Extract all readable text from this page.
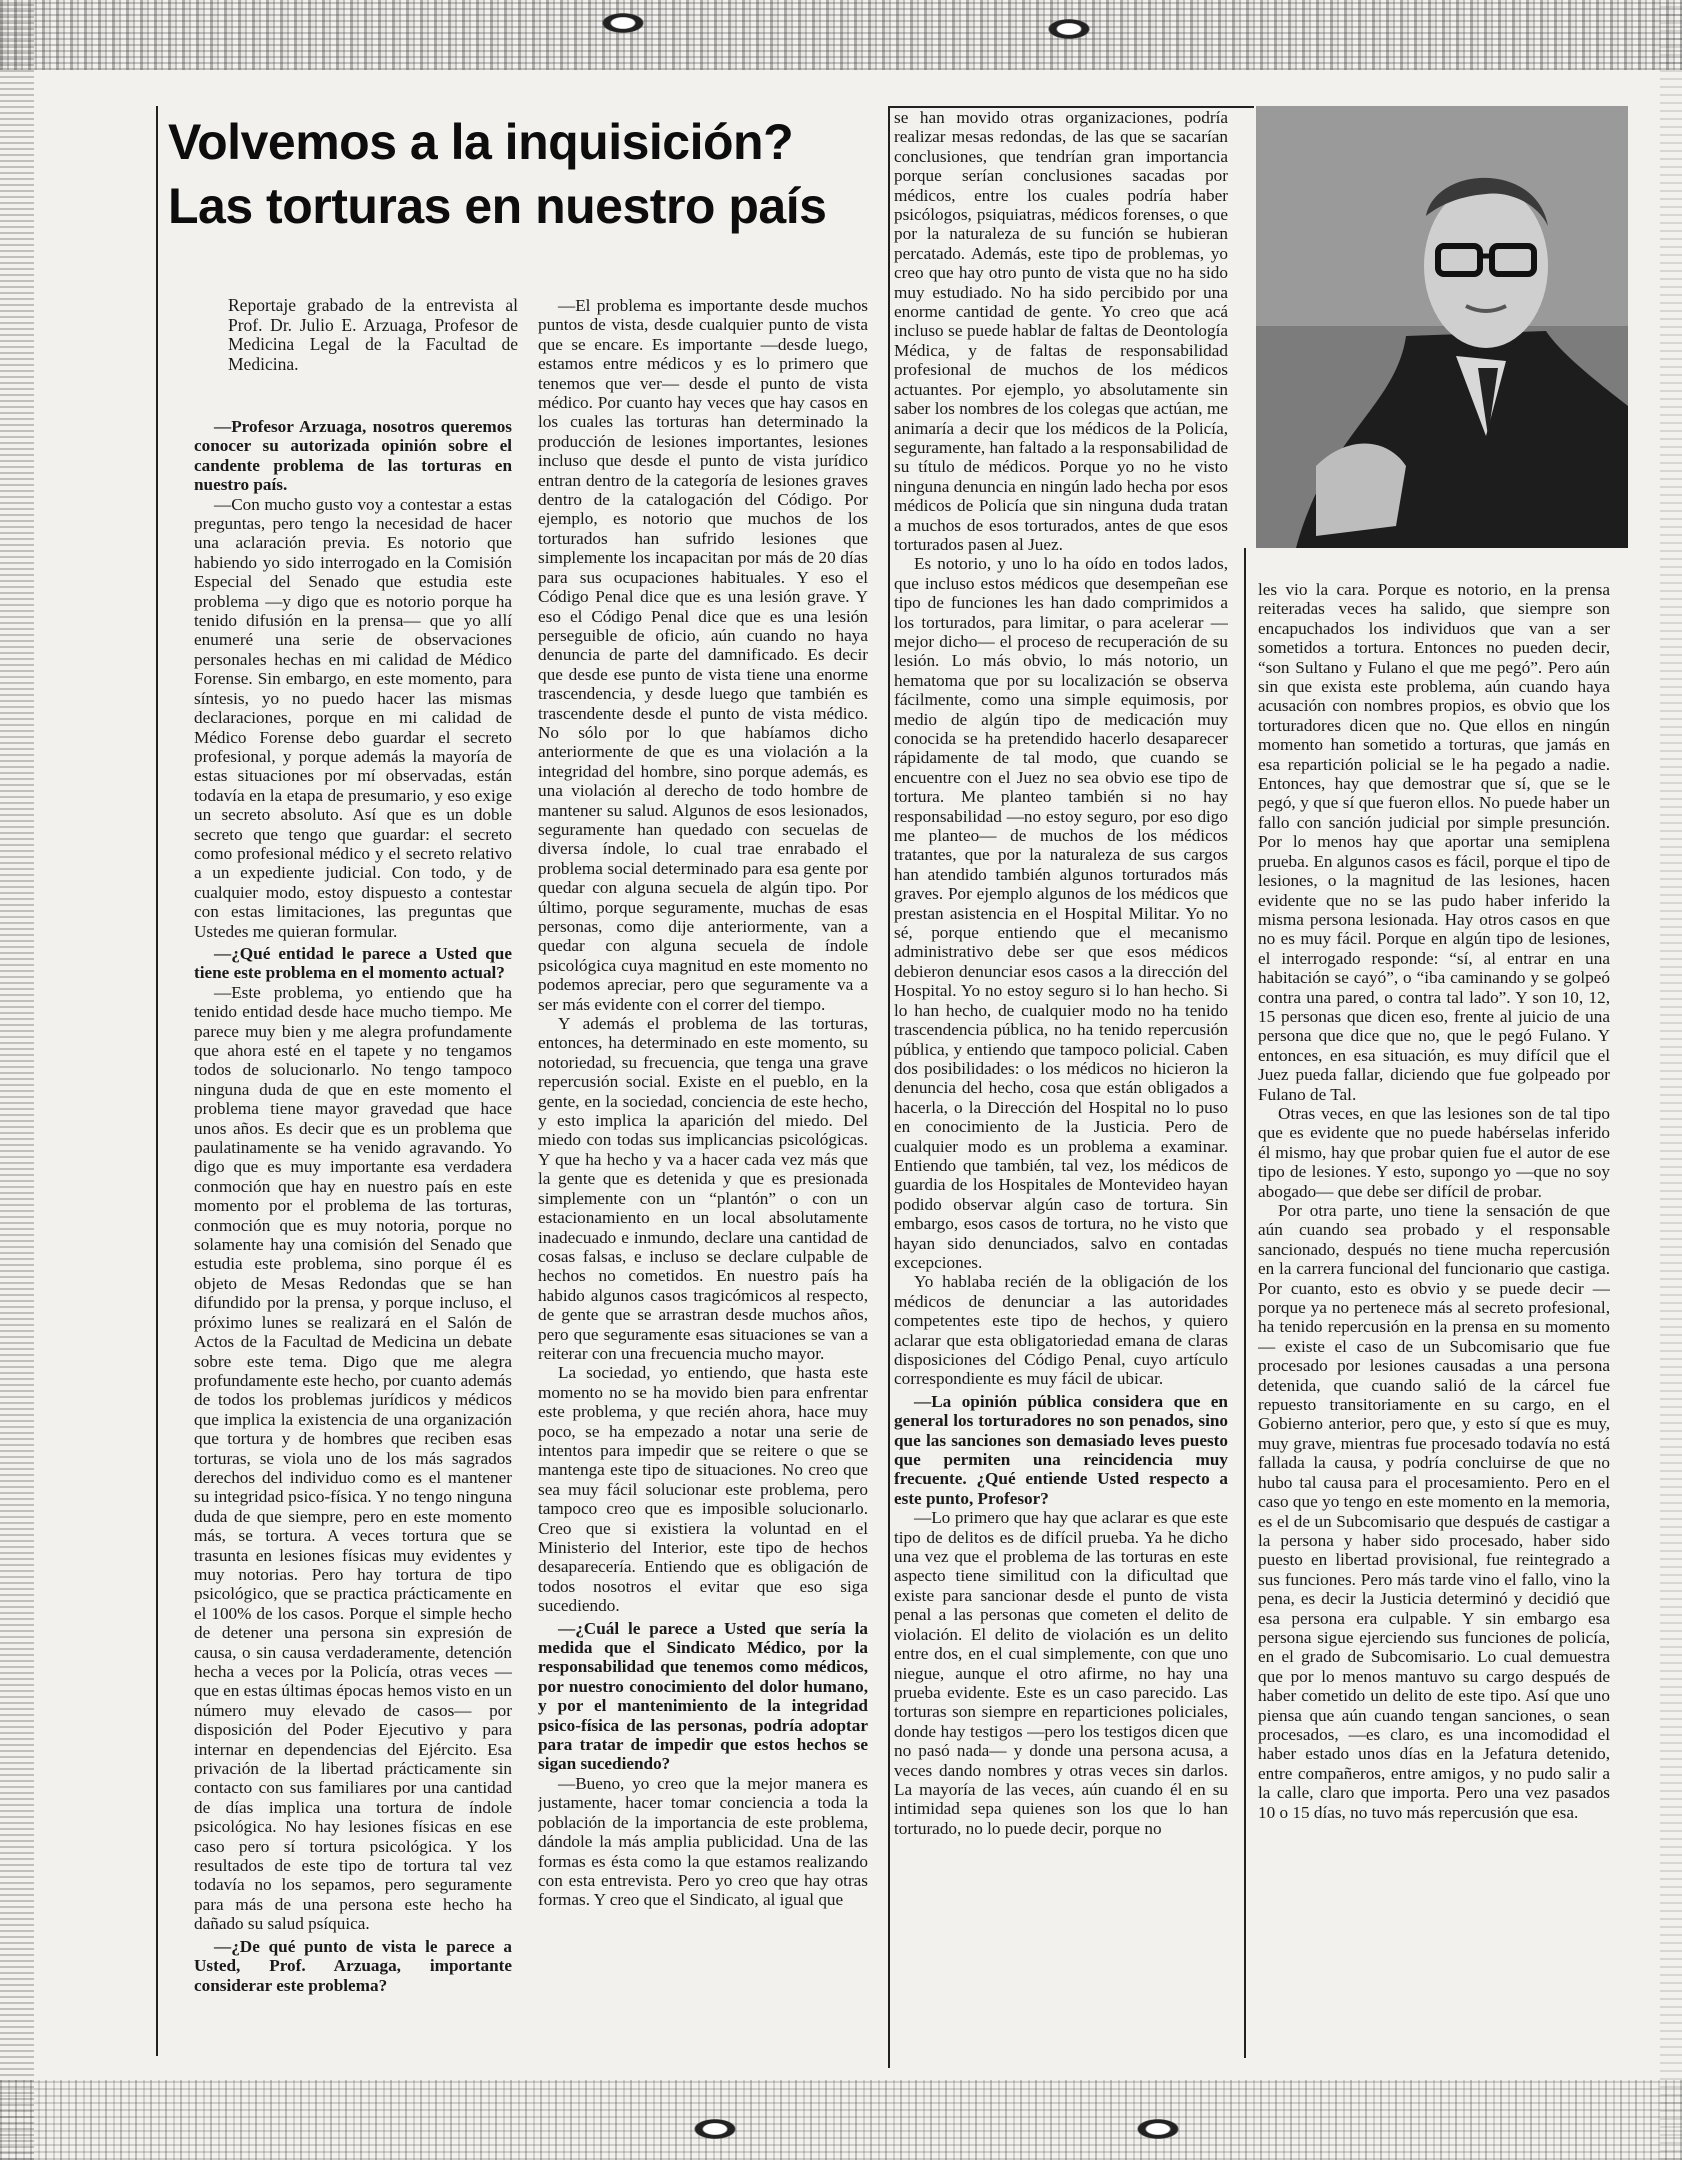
Volvemos a la inquisición?
Las torturas en nuestro país
Reportaje grabado de la entrevista al Prof. Dr. Julio E. Arzuaga, Profesor de Medicina Legal de la Facultad de Medicina.

—Profesor Arzuaga, nosotros queremos conocer su autorizada opinión sobre el candente problema de las torturas en nuestro país.

—Con mucho gusto voy a contestar a estas preguntas, pero tengo la necesidad de hacer una aclaración previa. Es notorio que habiendo yo sido interrogado en la Comisión Especial del Senado que estudia este problema —y digo que es notorio porque ha tenido difusión en la prensa— que yo allí enumeré una serie de observaciones personales hechas en mi calidad de Médico Forense. Sin embargo, en este momento, para síntesis, yo no puedo hacer las mismas declaraciones, porque en mi calidad de Médico Forense debo guardar el secreto profesional, y porque además la mayoría de estas situaciones por mí observadas, están todavía en la etapa de presumario, y eso exige un secreto absoluto. Así que es un doble secreto que tengo que guardar: el secreto como profesional médico y el secreto relativo a un expediente judicial. Con todo, y de cualquier modo, estoy dispuesto a contestar con estas limitaciones, las preguntas que Ustedes me quieran formular.

—¿Qué entidad le parece a Usted que tiene este problema en el momento actual?

—Este problema, yo entiendo que ha tenido entidad desde hace mucho tiempo. Me parece muy bien y me alegra profundamente que ahora esté en el tapete y no tengamos todos de solucionarlo. No tengo tampoco ninguna duda de que en este momento el problema tiene mayor gravedad que hace unos años. Es decir que es un problema que paulatinamente se ha venido agravando. Yo digo que es muy importante esa verdadera conmoción que hay en nuestro país en este momento por el problema de las torturas, conmoción que es muy notoria, porque no solamente hay una comisión del Senado que estudia este problema, sino porque él es objeto de Mesas Redondas que se han difundido por la prensa, y porque incluso, el próximo lunes se realizará en el Salón de Actos de la Facultad de Medicina un debate sobre este tema. Digo que me alegra profundamente este hecho, por cuanto además de todos los problemas jurídicos y médicos que implica la existencia de una organización que tortura y de hombres que reciben esas torturas, se viola uno de los más sagrados derechos del individuo como es el mantener su integridad psico-física. Y no tengo ninguna duda de que siempre, pero en este momento más, se tortura. A veces tortura que se trasunta en lesiones físicas muy evidentes y muy notorias. Pero hay tortura de tipo psicológico, que se practica prácticamente en el 100% de los casos. Porque el simple hecho de detener una persona sin expresión de causa, o sin causa verdaderamente, detención hecha a veces por la Policía, otras veces —que en estas últimas épocas hemos visto en un número muy elevado de casos— por disposición del Poder Ejecutivo y para internar en dependencias del Ejército. Esa privación de la libertad prácticamente sin contacto con sus familiares por una cantidad de días implica una tortura de índole psicológica. No hay lesiones físicas en ese caso pero sí tortura psicológica. Y los resultados de este tipo de tortura tal vez todavía no los sepamos, pero seguramente para más de una persona este hecho ha dañado su salud psíquica.

—¿De qué punto de vista le parece a Usted, Prof. Arzuaga, importante considerar este problema?

—El problema es importante desde muchos puntos de vista, desde cualquier punto de vista que se encare. Es importante —desde luego, estamos entre médicos y es lo primero que tenemos que ver— desde el punto de vista médico. Por cuanto hay veces que hay casos en los cuales las torturas han determinado la producción de lesiones importantes, lesiones incluso que desde el punto de vista jurídico entran dentro de la categoría de lesiones graves dentro de la catalogación del Código. Por ejemplo, es notorio que muchos de los torturados han sufrido lesiones que simplemente los incapacitan por más de 20 días para sus ocupaciones habituales. Y eso el Código Penal dice que es una lesión grave. Y eso el Código Penal dice que es una lesión perseguible de oficio, aún cuando no haya denuncia de parte del damnificado. Es decir que desde ese punto de vista tiene una enorme trascendencia, y desde luego que también es trascendente desde el punto de vista médico. No sólo por lo que habíamos dicho anteriormente de que es una violación a la integridad del hombre, sino porque además, es una violación al derecho de todo hombre de mantener su salud. Algunos de esos lesionados, seguramente han quedado con secuelas de diversa índole, lo cual trae enrabado el problema social determinado para esa gente por quedar con alguna secuela de algún tipo. Por último, porque seguramente, muchas de esas personas, como dije anteriormente, van a quedar con alguna secuela de índole psicológica cuya magnitud en este momento no podemos apreciar, pero que seguramente va a ser más evidente con el correr del tiempo.

Y además el problema de las torturas, entonces, ha determinado en este momento, su notoriedad, su frecuencia, que tenga una grave repercusión social. Existe en el pueblo, en la gente, en la sociedad, conciencia de este hecho, y esto implica la aparición del miedo. Del miedo con todas sus implicancias psicológicas. Y que ha hecho y va a hacer cada vez más que la gente que es detenida y que es presionada simplemente con un “plantón” o con un estacionamiento en un local absolutamente inadecuado e inmundo, declare una cantidad de cosas falsas, e incluso se declare culpable de hechos no cometidos. En nuestro país ha habido algunos casos tragicómicos al respecto, de gente que se arrastran desde muchos años, pero que seguramente esas situaciones se van a reiterar con una frecuencia mucho mayor.

La sociedad, yo entiendo, que hasta este momento no se ha movido bien para enfrentar este problema, y que recién ahora, hace muy poco, se ha empezado a notar una serie de intentos para impedir que se reitere o que se mantenga este tipo de situaciones. No creo que sea muy fácil solucionar este problema, pero tampoco creo que es imposible solucionarlo. Creo que si existiera la voluntad en el Ministerio del Interior, este tipo de hechos desaparecería. Entiendo que es obligación de todos nosotros el evitar que eso siga sucediendo.

—¿Cuál le parece a Usted que sería la medida que el Sindicato Médico, por la responsabilidad que tenemos como médicos, por nuestro conocimiento del dolor humano, y por el mantenimiento de la integridad psico-física de las personas, podría adoptar para tratar de impedir que estos hechos se sigan sucediendo?

—Bueno, yo creo que la mejor manera es justamente, hacer tomar conciencia a toda la población de la importancia de este problema, dándole la más amplia publicidad. Una de las formas es ésta como la que estamos realizando con esta entrevista. Pero yo creo que hay otras formas. Y creo que el Sindicato, al igual que

se han movido otras organizaciones, podría realizar mesas redondas, de las que se sacarían conclusiones, que tendrían gran importancia porque serían conclusiones sacadas por médicos, entre los cuales podría haber psicólogos, psiquiatras, médicos forenses, o que por la naturaleza de su función se hubieran percatado. Además, este tipo de problemas, yo creo que hay otro punto de vista que no ha sido muy estudiado. No ha sido percibido por una enorme cantidad de gente. Yo creo que acá incluso se puede hablar de faltas de Deontología Médica, y de faltas de responsabilidad profesional de muchos de los médicos actuantes. Por ejemplo, yo absolutamente sin saber los nombres de los colegas que actúan, me animaría a decir que los médicos de la Policía, seguramente, han faltado a la responsabilidad de su título de médicos. Porque yo no he visto ninguna denuncia en ningún lado hecha por esos médicos de Policía que sin ninguna duda tratan a muchos de esos torturados, antes de que esos torturados pasen al Juez.

Es notorio, y uno lo ha oído en todos lados, que incluso estos médicos que desempeñan ese tipo de funciones les han dado comprimidos a los torturados, para limitar, o para acelerar —mejor dicho— el proceso de recuperación de su lesión. Lo más obvio, lo más notorio, un hematoma que por su localización se observa fácilmente, como una simple equimosis, por medio de algún tipo de medicación muy conocida se ha pretendido hacerlo desaparecer rápidamente de tal modo, que cuando se encuentre con el Juez no sea obvio ese tipo de tortura. Me planteo también si no hay responsabilidad —no estoy seguro, por eso digo me planteo— de muchos de los médicos tratantes, que por la naturaleza de sus cargos han atendido también algunos torturados más graves. Por ejemplo algunos de los médicos que prestan asistencia en el Hospital Militar. Yo no sé, porque entiendo que el mecanismo administrativo debe ser que esos médicos debieron denunciar esos casos a la dirección del Hospital. Yo no estoy seguro si lo han hecho. Si lo han hecho, de cualquier modo no ha tenido trascendencia pública, no ha tenido repercusión pública, y entiendo que tampoco policial. Caben dos posibilidades: o los médicos no hicieron la denuncia del hecho, cosa que están obligados a hacerla, o la Dirección del Hospital no lo puso en conocimiento de la Justicia. Pero de cualquier modo es un problema a examinar. Entiendo que también, tal vez, los médicos de guardia de los Hospitales de Montevideo hayan podido observar algún caso de tortura. Sin embargo, esos casos de tortura, no he visto que hayan sido denunciados, salvo en contadas excepciones.

Yo hablaba recién de la obligación de los médicos de denunciar a las autoridades competentes este tipo de hechos, y quiero aclarar que esta obligatoriedad emana de claras disposiciones del Código Penal, cuyo artículo correspondiente es muy fácil de ubicar.

—La opinión pública considera que en general los torturadores no son penados, sino que las sanciones son demasiado leves puesto que permiten una reincidencia muy frecuente. ¿Qué entiende Usted respecto a este punto, Profesor?

—Lo primero que hay que aclarar es que este tipo de delitos es de difícil prueba. Ya he dicho una vez que el problema de las torturas en este aspecto tiene similitud con la dificultad que existe para sancionar desde el punto de vista penal a las personas que cometen el delito de violación. El delito de violación es un delito entre dos, en el cual simplemente, con que uno niegue, aunque el otro afirme, no hay una prueba evidente. Este es un caso parecido. Las torturas son siempre en reparticiones policiales, donde hay testigos —pero los testigos dicen que no pasó nada— y donde una persona acusa, a veces dando nombres y otras veces sin darlos. La mayoría de las veces, aún cuando él en su intimidad sepa quienes son los que lo han torturado, no lo puede decir, porque no

les vio la cara. Porque es notorio, en la prensa reiteradas veces ha salido, que siempre son encapuchados los individuos que van a ser sometidos a tortura. Entonces no pueden decir, “son Sultano y Fulano el que me pegó”. Pero aún sin que exista este problema, aún cuando haya acusación con nombres propios, es obvio que los torturadores dicen que no. Que ellos en ningún momento han sometido a torturas, que jamás en esa repartición policial se le ha pegado a nadie. Entonces, hay que demostrar que sí, que se le pegó, y que sí que fueron ellos. No puede haber un fallo con sanción judicial por simple presunción. Por lo menos hay que aportar una semiplena prueba. En algunos casos es fácil, porque el tipo de lesiones, o la magnitud de las lesiones, hacen evidente que no se las pudo haber inferido la misma persona lesionada. Hay otros casos en que no es muy fácil. Porque en algún tipo de lesiones, el interrogado responde: “sí, al entrar en una habitación se cayó”, o “iba caminando y se golpeó contra una pared, o contra tal lado”. Y son 10, 12, 15 personas que dicen eso, frente al juicio de una persona que dice que no, que le pegó Fulano. Y entonces, en esa situación, es muy difícil que el Juez pueda fallar, diciendo que fue golpeado por Fulano de Tal.

Otras veces, en que las lesiones son de tal tipo que es evidente que no puede habérselas inferido él mismo, hay que probar quien fue el autor de ese tipo de lesiones. Y esto, supongo yo —que no soy abogado— que debe ser difícil de probar.

Por otra parte, uno tiene la sensación de que aún cuando sea probado y el responsable sancionado, después no tiene mucha repercusión en la carrera funcional del funcionario que castiga. Por cuanto, esto es obvio y se puede decir —porque ya no pertenece más al secreto profesional, ha tenido repercusión en la prensa en su momento— existe el caso de un Subcomisario que fue procesado por lesiones causadas a una persona detenida, que cuando salió de la cárcel fue repuesto transitoriamente en su cargo, en el Gobierno anterior, pero que, y esto sí que es muy, muy grave, mientras fue procesado todavía no está fallada la causa, y podría concluirse de que no hubo tal causa para el procesamiento. Pero en el caso que yo tengo en este momento en la memoria, es el de un Subcomisario que después de castigar a la persona y haber sido procesado, haber sido puesto en libertad provisional, fue reintegrado a sus funciones. Pero más tarde vino el fallo, vino la pena, es decir la Justicia determinó y decidió que esa persona era culpable. Y sin embargo esa persona sigue ejerciendo sus funciones de policía, en el grado de Subcomisario. Lo cual demuestra que por lo menos mantuvo su cargo después de haber cometido un delito de este tipo. Así que uno piensa que aún cuando tengan sanciones, o sean procesados, —es claro, es una incomodidad el haber estado unos días en la Jefatura detenido, entre compañeros, entre amigos, y no pudo salir a la calle, claro que importa. Pero una vez pasados 10 o 15 días, no tuvo más repercusión que esa.
